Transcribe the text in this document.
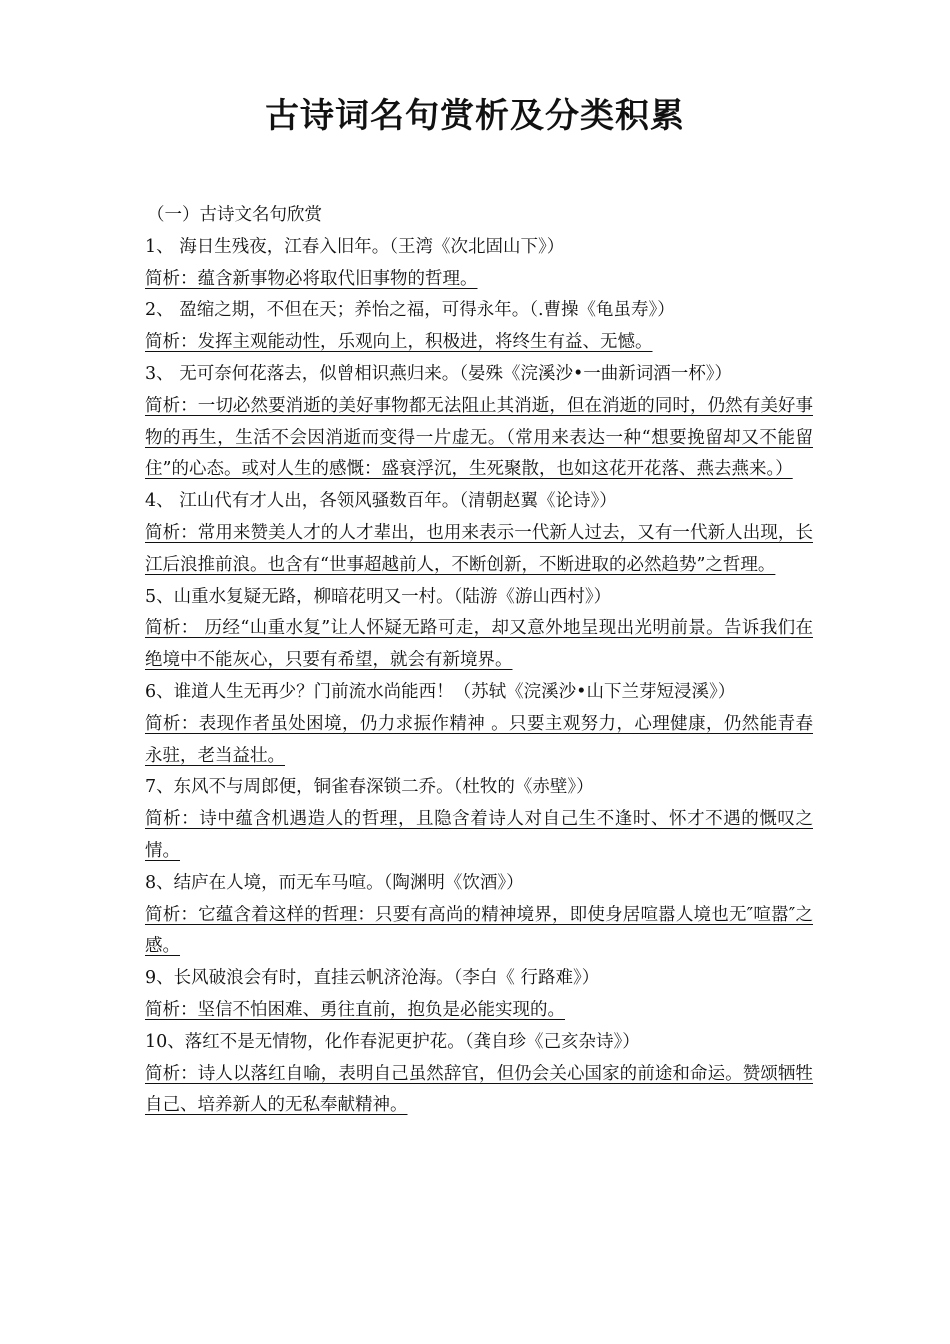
古诗词名句赏析及分类积累
（一）古诗文名句欣赏
1、 海日生残夜，江春入旧年。（王湾《次北固山下》）
简析：蕴含新事物必将取代旧事物的哲理。
2、 盈缩之期，不但在天；养怡之福，可得永年。（.曹操《龟虽寿》）
简析：发挥主观能动性，乐观向上，积极进，将终生有益、无憾。
3、 无可奈何花落去，似曾相识燕归来。（晏殊《浣溪沙•一曲新词酒一杯》）
简析：一切必然要消逝的美好事物都无法阻止其消逝，但在消逝的同时，仍然有美好事物的再生，生活不会因消逝而变得一片虚无。（常用来表达一种“想要挽留却又不能留住”的心态。或对人生的感慨：盛衰浮沉，生死聚散，也如这花开花落、燕去燕来。）
4、 江山代有才人出，各领风骚数百年。（清朝赵翼《论诗》）
简析：常用来赞美人才的人才辈出，也用来表示一代新人过去，又有一代新人出现，长江后浪推前浪。也含有“世事超越前人，不断创新，不断进取的必然趋势”之哲理。
5、山重水复疑无路，柳暗花明又一村。（陆游《游山西村》）
简析： 历经“山重水复”让人怀疑无路可走，却又意外地呈现出光明前景。告诉我们在绝境中不能灰心，只要有希望，就会有新境界。
6、谁道人生无再少？门前流水尚能西！（苏轼《浣溪沙•山下兰芽短浸溪》）
简析：表现作者虽处困境，仍力求振作精神 。只要主观努力，心理健康，仍然能青春永驻，老当益壮。
7、东风不与周郎便，铜雀春深锁二乔。（杜牧的《赤壁》）
简析：诗中蕴含机遇造人的哲理，且隐含着诗人对自己生不逢时、怀才不遇的慨叹之情。
8、结庐在人境，而无车马喧。（陶渊明《饮酒》）
简析：它蕴含着这样的哲理：只要有高尚的精神境界，即使身居喧嚣人境也无″喧嚣″之感。
9、长风破浪会有时，直挂云帆济沧海。（李白《 行路难》）
简析：坚信不怕困难、勇往直前，抱负是必能实现的。
10、落红不是无情物，化作春泥更护花。（龚自珍《己亥杂诗》）
简析：诗人以落红自喻，表明自己虽然辞官，但仍会关心国家的前途和命运。赞颂牺牲自己、培养新人的无私奉献精神。
